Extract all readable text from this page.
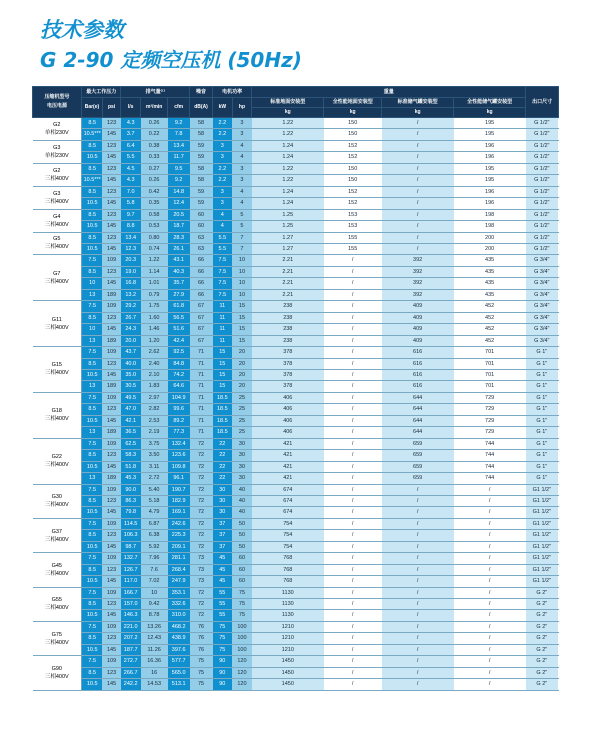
技术参数
G 2-90 定频空压机 (50Hz)
压缩机型号
电压电源	最大工作压力		排气量⁽¹⁾			噪音	电机功率		重量				出口尺寸
	Bar(e)	psi	l/s	m³/min	cfm	dB(A)	kW	hp	标准地面安装型	全性能地面安装型	标准储气罐安装型	全性能储气罐安装型	
									kg	kg	kg	kg	

G2
单相230V	8.5	123	4.3	0.26	9.2	58	2.2	3	1.22	150	/	195	G 1/2"
	10.5***	145	3.7	0.22	7.8	58	2.2	3	1.22	150	/	195	G 1/2"

G3
单相230V	8.5	123	6.4	0.38	13.4	59	3	4	1.24	152	/	196	G 1/2"
	10.5	145	5.5	0.33	11.7	59	3	4	1.24	152	/	196	G 1/2"

G2
三相400V	8.5	123	4.5	0.27	9.5	58	2.2	3	1.22	150	/	195	G 1/2"
	10.5***	145	4.3	0.26	9.2	58	2.2	3	1.22	150	/	195	G 1/2"

G3
三相400V	8.5	123	7.0	0.42	14.8	59	3	4	1.24	152	/	196	G 1/2"
	10.5	145	5.8	0.35	12.4	59	3	4	1.24	152	/	196	G 1/2"

G4
三相400V	8.5	123	9.7	0.58	20.5	60	4	5	1.25	153	/	198	G 1/2"
	10.5	145	8.8	0.53	18.7	60	4	5	1.25	153	/	198	G 1/2"

G5
三相400V	8.5	123	13.4	0.80	28.3	63	5.5	7	1.27	155	/	200	G 1/2"
	10.5	145	12.3	0.74	26.1	63	5.5	7	1.27	155	/	200	G 1/2"

G7
三相400V	7.5	109	20.3	1.22	43.1	66	7.5	10	2.21	/	392	435	G 3/4"
	8.5	123	19.0	1.14	40.3	66	7.5	10	2.21	/	392	435	G 3/4"
	10	145	16.8	1.01	35.7	66	7.5	10	2.21	/	392	435	G 3/4"
	13	189	13.2	0.79	27.9	66	7.5	10	2.21	/	392	435	G 3/4"

G11
三相400V	7.5	109	29.2	1.75	61.8	67	11	15	238	/	409	452	G 3/4"
	8.5	123	26.7	1.60	56.5	67	11	15	238	/	409	452	G 3/4"
	10	145	24.3	1.46	51.6	67	11	15	238	/	409	452	G 3/4"
	13	189	20.0	1.20	42.4	67	11	15	238	/	409	452	G 3/4"

G15
三相400V	7.5	109	43.7	2.62	92.5	71	15	20	378	/	616	701	G 1"
	8.5	123	40.0	2.40	84.8	71	15	20	378	/	616	701	G 1"
	10.5	145	35.0	2.10	74.2	71	15	20	378	/	616	701	G 1"
	13	189	30.5	1.83	64.6	71	15	20	378	/	616	701	G 1"

G18
三相400V	7.5	109	49.5	2.97	104.9	71	18.5	25	406	/	644	729	G 1"
	8.5	123	47.0	2.82	99.6	71	18.5	25	406	/	644	729	G 1"
	10.5	145	42.1	2.53	89.2	71	18.5	25	406	/	644	729	G 1"
	13	189	36.5	2.19	77.3	71	18.5	25	406	/	644	729	G 1"

G22
三相400V	7.5	109	62.5	3.75	132.4	72	22	30	421	/	659	744	G 1"
	8.5	123	58.3	3.50	123.6	72	22	30	421	/	659	744	G 1"
	10.5	145	51.8	3.11	109.8	72	22	30	421	/	659	744	G 1"
	13	189	45.3	2.72	96.1	72	22	30	421	/	659	744	G 1"

G30
三相400V	7.5	109	90.0	5.40	190.7	72	30	40	674	/	/	/	G1 1/2"
	8.5	123	86.3	5.18	182.9	72	30	40	674	/	/	/	G1 1/2"
	10.5	145	79.8	4.79	169.1	72	30	40	674	/	/	/	G1 1/2"

G37
三相400V	7.5	109	114.5	6.87	242.6	72	37	50	754	/	/	/	G1 1/2"
	8.5	123	106.3	6.38	225.3	72	37	50	754	/	/	/	G1 1/2"
	10.5	145	98.7	5.92	209.1	72	37	50	754	/	/	/	G1 1/2"

G45
三相400V	7.5	109	132.7	7.96	281.1	73	45	60	768	/	/	/	G1 1/2"
	8.5	123	126.7	7.6	268.4	73	45	60	768	/	/	/	G1 1/2"
	10.5	145	117.0	7.02	247.9	73	45	60	768	/	/	/	G1 1/2"

G55
三相400V	7.5	109	166.7	10	353.1	72	55	75	1130	/	/	/	G 2"
	8.5	123	157.0	9.42	332.6	72	55	75	1130	/	/	/	G 2"
	10.5	145	146.3	8.78	310.0	72	55	75	1130	/	/	/	G 2"

G75
三相400V	7.5	109	221.0	13.26	468.2	76	75	100	1210	/	/	/	G 2"
	8.5	123	207.2	12.43	438.9	76	75	100	1210	/	/	/	G 2"
	10.5	145	187.7	11.26	397.6	76	75	100	1210	/	/	/	G 2"

G90
三相400V	7.5	109	272.7	16.36	577.7	75	90	120	1450	/	/	/	G 2"
	8.5	123	266.7	16	565.0	75	90	120	1450	/	/	/	G 2"
	10.5	145	242.2	14.53	513.1	75	90	120	1450	/	/	/	G 2"
